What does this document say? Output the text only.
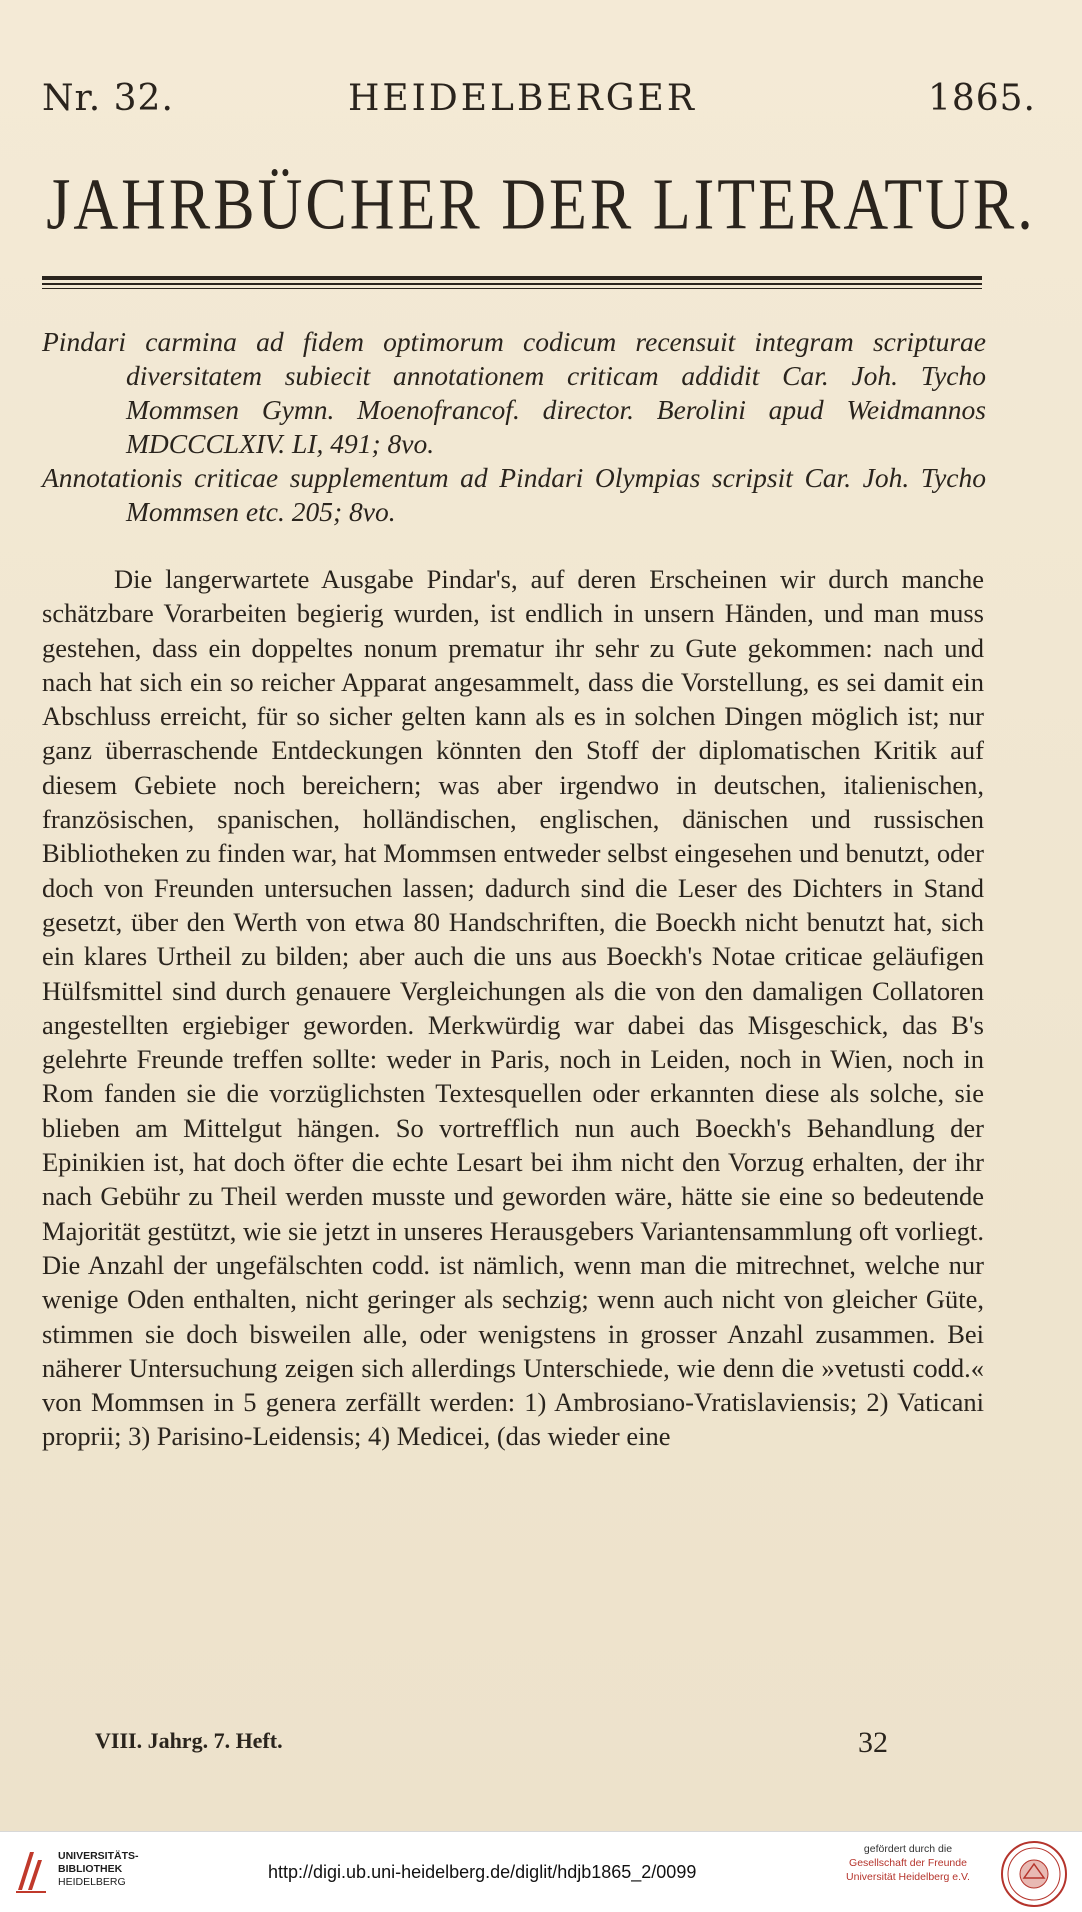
Nr. 32.	HEIDELBERGER	1865.
JAHRBÜCHER DER LITERATUR.

Pindari carmina ad fidem optimorum codicum recensuit integram scripturae diversitatem subiecit annotationem criticam addidit Car. Joh. Tycho Mommsen Gymn. Moenofrancof. director. Berolini apud Weidmannos MDCCCLXIV. LI, 491; 8vo.

Annotationis criticae supplementum ad Pindari Olympias scripsit Car. Joh. Tycho Mommsen etc. 205; 8vo.

Die langerwartete Ausgabe Pindar's, auf deren Erscheinen wir durch manche schätzbare Vorarbeiten begierig wurden, ist endlich in unsern Händen, und man muss gestehen, dass ein doppeltes nonum prematur ihr sehr zu Gute gekommen: nach und nach hat sich ein so reicher Apparat angesammelt, dass die Vorstellung, es sei damit ein Abschluss erreicht, für so sicher gelten kann als es in solchen Dingen möglich ist; nur ganz überraschende Entdeckungen könnten den Stoff der diplomatischen Kritik auf diesem Gebiete noch bereichern; was aber irgendwo in deutschen, italienischen, französischen, spanischen, holländischen, englischen, dänischen und russischen Bibliotheken zu finden war, hat Mommsen entweder selbst eingesehen und benutzt, oder doch von Freunden untersuchen lassen; dadurch sind die Leser des Dichters in Stand gesetzt, über den Werth von etwa 80 Handschriften, die Boeckh nicht benutzt hat, sich ein klares Urtheil zu bilden; aber auch die uns aus Boeckh's Notae criticae geläufigen Hülfsmittel sind durch genauere Vergleichungen als die von den damaligen Collatoren angestellten ergiebiger geworden. Merkwürdig war dabei das Misgeschick, das B's gelehrte Freunde treffen sollte: weder in Paris, noch in Leiden, noch in Wien, noch in Rom fanden sie die vorzüglichsten Textesquellen oder erkannten diese als solche, sie blieben am Mittelgut hängen. So vortrefflich nun auch Boeckh's Behandlung der Epinikien ist, hat doch öfter die echte Lesart bei ihm nicht den Vorzug erhalten, der ihr nach Gebühr zu Theil werden musste und geworden wäre, hätte sie eine so bedeutende Majorität gestützt, wie sie jetzt in unseres Herausgebers Variantensammlung oft vorliegt. Die Anzahl der ungefälschten codd. ist nämlich, wenn man die mitrechnet, welche nur wenige Oden enthalten, nicht geringer als sechzig; wenn auch nicht von gleicher Güte, stimmen sie doch bisweilen alle, oder wenigstens in grosser Anzahl zusammen. Bei näherer Untersuchung zeigen sich allerdings Unterschiede, wie denn die »vetusti codd.« von Mommsen in 5 genera zerfällt werden: 1) Ambrosiano-Vratislaviensis; 2) Vaticani proprii; 3) Parisino-Leidensis; 4) Medicei, (das wieder eine

VIII. Jahrg. 7. Heft.	32
UNIVERSITÄTS-
BIBLIOTHEK
HEIDELBERG	http://digi.ub.uni-heidelberg.de/diglit/hdjb1865_2/0099
gefördert durch die
Gesellschaft der Freunde
Universität Heidelberg e.V.
